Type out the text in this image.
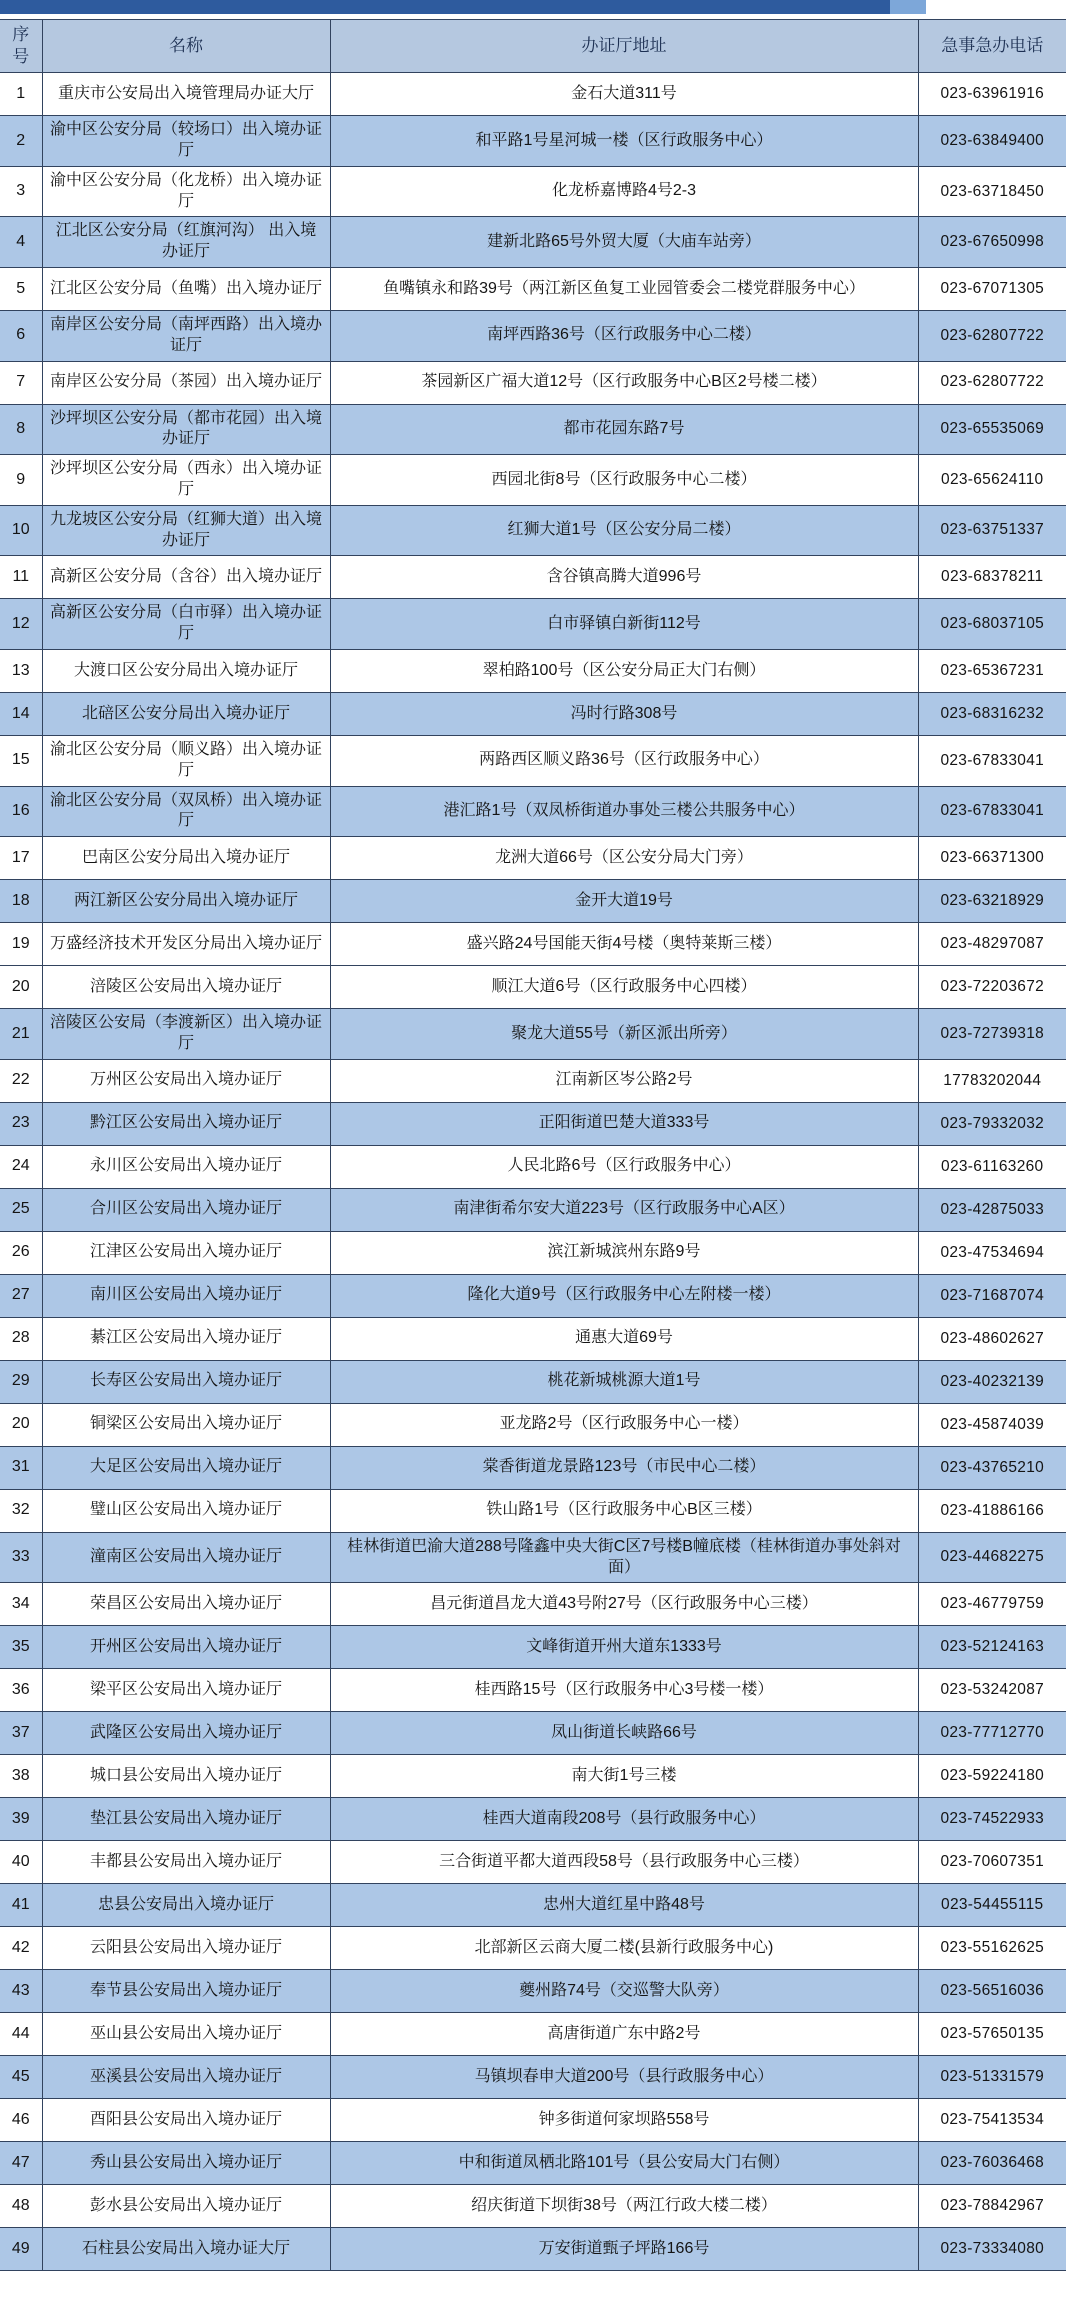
序号	名称	办证厅地址	急事急办电话
1	重庆市公安局出入境管理局办证大厅	金石大道311号	023-63961916
2	渝中区公安分局（较场口）出入境办证厅	和平路1号星河城一楼（区行政服务中心）	023-63849400
3	渝中区公安分局（化龙桥）出入境办证厅	化龙桥嘉博路4号2-3	023-63718450
4	江北区公安分局（红旗河沟） 出入境办证厅	建新北路65号外贸大厦（大庙车站旁）	023-67650998
5	江北区公安分局（鱼嘴）出入境办证厅	鱼嘴镇永和路39号（两江新区鱼复工业园管委会二楼党群服务中心）	023-67071305
6	南岸区公安分局（南坪西路）出入境办证厅	南坪西路36号（区行政服务中心二楼）	023-62807722
7	南岸区公安分局（茶园）出入境办证厅	茶园新区广福大道12号（区行政服务中心B区2号楼二楼）	023-62807722
8	沙坪坝区公安分局（都市花园）出入境办证厅	都市花园东路7号	023-65535069
9	沙坪坝区公安分局（西永）出入境办证厅	西园北街8号（区行政服务中心二楼）	023-65624110
10	九龙坡区公安分局（红狮大道）出入境办证厅	红狮大道1号（区公安分局二楼）	023-63751337
11	高新区公安分局（含谷）出入境办证厅	含谷镇高腾大道996号	023-68378211
12	高新区公安分局（白市驿）出入境办证厅	白市驿镇白新街112号	023-68037105
13	大渡口区公安分局出入境办证厅	翠柏路100号（区公安分局正大门右侧）	023-65367231
14	北碚区公安分局出入境办证厅	冯时行路308号	023-68316232
15	渝北区公安分局（顺义路）出入境办证厅	两路西区顺义路36号（区行政服务中心）	023-67833041
16	渝北区公安分局（双凤桥）出入境办证厅	港汇路1号（双凤桥街道办事处三楼公共服务中心）	023-67833041
17	巴南区公安分局出入境办证厅	龙洲大道66号（区公安分局大门旁）	023-66371300
18	两江新区公安分局出入境办证厅	金开大道19号	023-63218929
19	万盛经济技术开发区分局出入境办证厅	盛兴路24号国能天街4号楼（奥特莱斯三楼）	023-48297087
20	涪陵区公安局出入境办证厅	顺江大道6号（区行政服务中心四楼）	023-72203672
21	涪陵区公安局（李渡新区）出入境办证厅	聚龙大道55号（新区派出所旁）	023-72739318
22	万州区公安局出入境办证厅	江南新区岑公路2号	17783202044
23	黔江区公安局出入境办证厅	正阳街道巴楚大道333号	023-79332032
24	永川区公安局出入境办证厅	人民北路6号（区行政服务中心）	023-61163260
25	合川区公安局出入境办证厅	南津街希尔安大道223号（区行政服务中心A区）	023-42875033
26	江津区公安局出入境办证厅	滨江新城滨州东路9号	023-47534694
27	南川区公安局出入境办证厅	隆化大道9号（区行政服务中心左附楼一楼）	023-71687074
28	綦江区公安局出入境办证厅	通惠大道69号	023-48602627
29	长寿区公安局出入境办证厅	桃花新城桃源大道1号	023-40232139
20	铜梁区公安局出入境办证厅	亚龙路2号（区行政服务中心一楼）	023-45874039
31	大足区公安局出入境办证厅	棠香街道龙景路123号（市民中心二楼）	023-43765210
32	璧山区公安局出入境办证厅	铁山路1号（区行政服务中心B区三楼）	023-41886166
33	潼南区公安局出入境办证厅	桂林街道巴渝大道288号隆鑫中央大街C区7号楼B幢底楼（桂林街道办事处斜对面）	023-44682275
34	荣昌区公安局出入境办证厅	昌元街道昌龙大道43号附27号（区行政服务中心三楼）	023-46779759
35	开州区公安局出入境办证厅	文峰街道开州大道东1333号	023-52124163
36	梁平区公安局出入境办证厅	桂西路15号（区行政服务中心3号楼一楼）	023-53242087
37	武隆区公安局出入境办证厅	凤山街道长峡路66号	023-77712770
38	城口县公安局出入境办证厅	南大街1号三楼	023-59224180
39	垫江县公安局出入境办证厅	桂西大道南段208号（县行政服务中心）	023-74522933
40	丰都县公安局出入境办证厅	三合街道平都大道西段58号（县行政服务中心三楼）	023-70607351
41	忠县公安局出入境办证厅	忠州大道红星中路48号	023-54455115
42	云阳县公安局出入境办证厅	北部新区云商大厦二楼(县新行政服务中心)	023-55162625
43	奉节县公安局出入境办证厅	夔州路74号（交巡警大队旁）	023-56516036
44	巫山县公安局出入境办证厅	高唐街道广东中路2号	023-57650135
45	巫溪县公安局出入境办证厅	马镇坝春申大道200号（县行政服务中心）	023-51331579
46	酉阳县公安局出入境办证厅	钟多街道何家坝路558号	023-75413534
47	秀山县公安局出入境办证厅	中和街道凤栖北路101号（县公安局大门右侧）	023-76036468
48	彭水县公安局出入境办证厅	绍庆街道下坝街38号（两江行政大楼二楼）	023-78842967
49	石柱县公安局出入境办证大厅	万安街道甄子坪路166号	023-73334080
